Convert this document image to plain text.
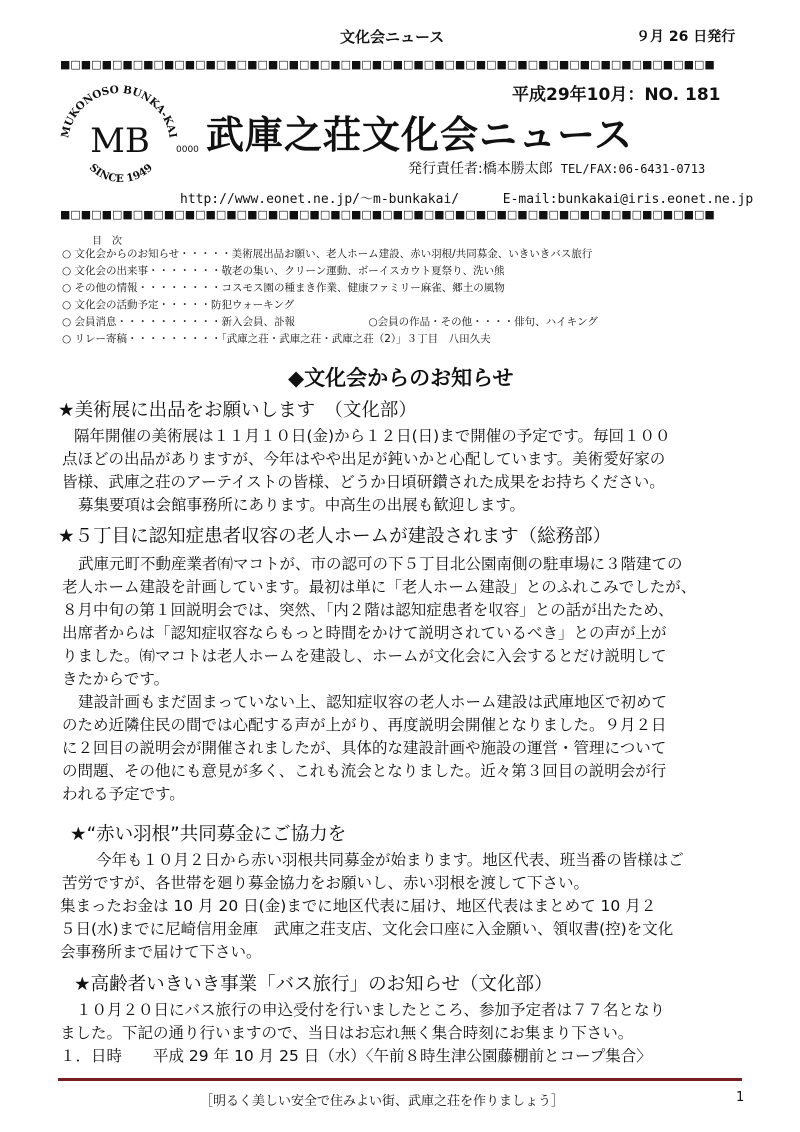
文化会ニュース	９月 26 日発行
■□■□■□■□■□■□■□■□■□■□■□■□■□■□■□■□■□■□■□■□■□■□■□■□■□■□■□■□■□■□■□■
平成29年10月：NO. 181
MUKONOSO BUNKA-KAI
MB
SINCE 1949
0000 武庫之荘文化会ニュース
発行責任者:橋本勝太郎 TEL/FAX:06-6431-0713
http://www.eonet.ne.jp/～m-bunkakai/	E-mail:bunkakai@iris.eonet.ne.jp
■□■□■□■□■□■□■□■□■□■□■□■□■□■□■□■□■□■□■□■□■□■□■□■□■□■□■□■□■□■□■□■
目　次
○ 文化会からのお知らせ・・・・・美術展出品お願い、老人ホーム建設、赤い羽根/共同募金、いきいきバス旅行
○ 文化会の出来事・・・・・・・敬老の集い、クリーン運動、ボーイスカウト夏祭り、洗い熊
○ その他の情報・・・・・・・・コスモス園の種まき作業、健康ファミリー麻雀、郷土の風物
○ 文化会の活動予定・・・・・防犯ウォーキング
○ 会員消息・・・・・・・・・・新入会員、訃報　　　　　　　○会員の作品・その他・・・・俳句、ハイキング
○ リレー寄稿・・・・・・・・・「武庫之荘・武庫之荘・武庫之荘（2）」３丁目　八田久夫
◆文化会からのお知らせ
★美術展に出品をお願いします　（文化部）
隔年開催の美術展は１１月１０日(金)から１２日(日)まで開催の予定です。毎回１００
点ほどの出品がありますが、今年はやや出足が鈍いかと心配しています。美術愛好家の
皆様、武庫之荘のアーテイストの皆様、どうか日頃研鑽された成果をお持ちください。
募集要項は会館事務所にあります。中高生の出展も歓迎します。
★５丁目に認知症患者収容の老人ホームが建設されます（総務部）
武庫元町不動産業者㈲マコトが、市の認可の下５丁目北公園南側の駐車場に３階建ての
老人ホーム建設を計画しています。最初は単に「老人ホーム建設」とのふれこみでしたが、
８月中旬の第１回説明会では、突然、「内２階は認知症患者を収容」との話が出たため、
出席者からは「認知症収容ならもっと時間をかけて説明されているべき」との声が上が
りました。㈲マコトは老人ホームを建設し、ホームが文化会に入会するとだけ説明して
きたからです。
建設計画もまだ固まっていない上、認知症収容の老人ホーム建設は武庫地区で初めて
のため近隣住民の間では心配する声が上がり、再度説明会開催となりました。９月２日
に２回目の説明会が開催されましたが、具体的な建設計画や施設の運営・管理について
の問題、その他にも意見が多く、これも流会となりました。近々第３回目の説明会が行
われる予定です。
★“赤い羽根”共同募金にご協力を
今年も１０月２日から赤い羽根共同募金が始まります。地区代表、班当番の皆様はご
苦労ですが、各世帯を廻り募金協力をお願いし、赤い羽根を渡して下さい。
集まったお金は 10 月 20 日(金)までに地区代表に届け、地区代表はまとめて 10 月２
５日(水)までに尼崎信用金庫　武庫之荘支店、文化会口座に入金願い、領収書(控)を文化
会事務所まで届けて下さい。
★高齢者いきいき事業「バス旅行」のお知らせ（文化部）
１０月２０日にバス旅行の申込受付を行いましたところ、参加予定者は７７名となり
ました。下記の通り行いますので、当日はお忘れ無く集合時刻にお集まり下さい。
１．日時　　平成 29 年 10 月 25 日（水）〈午前８時生津公園藤棚前とコープ集合〉
［明るく美しい安全で住みよい街、武庫之荘を作りましょう］	1
